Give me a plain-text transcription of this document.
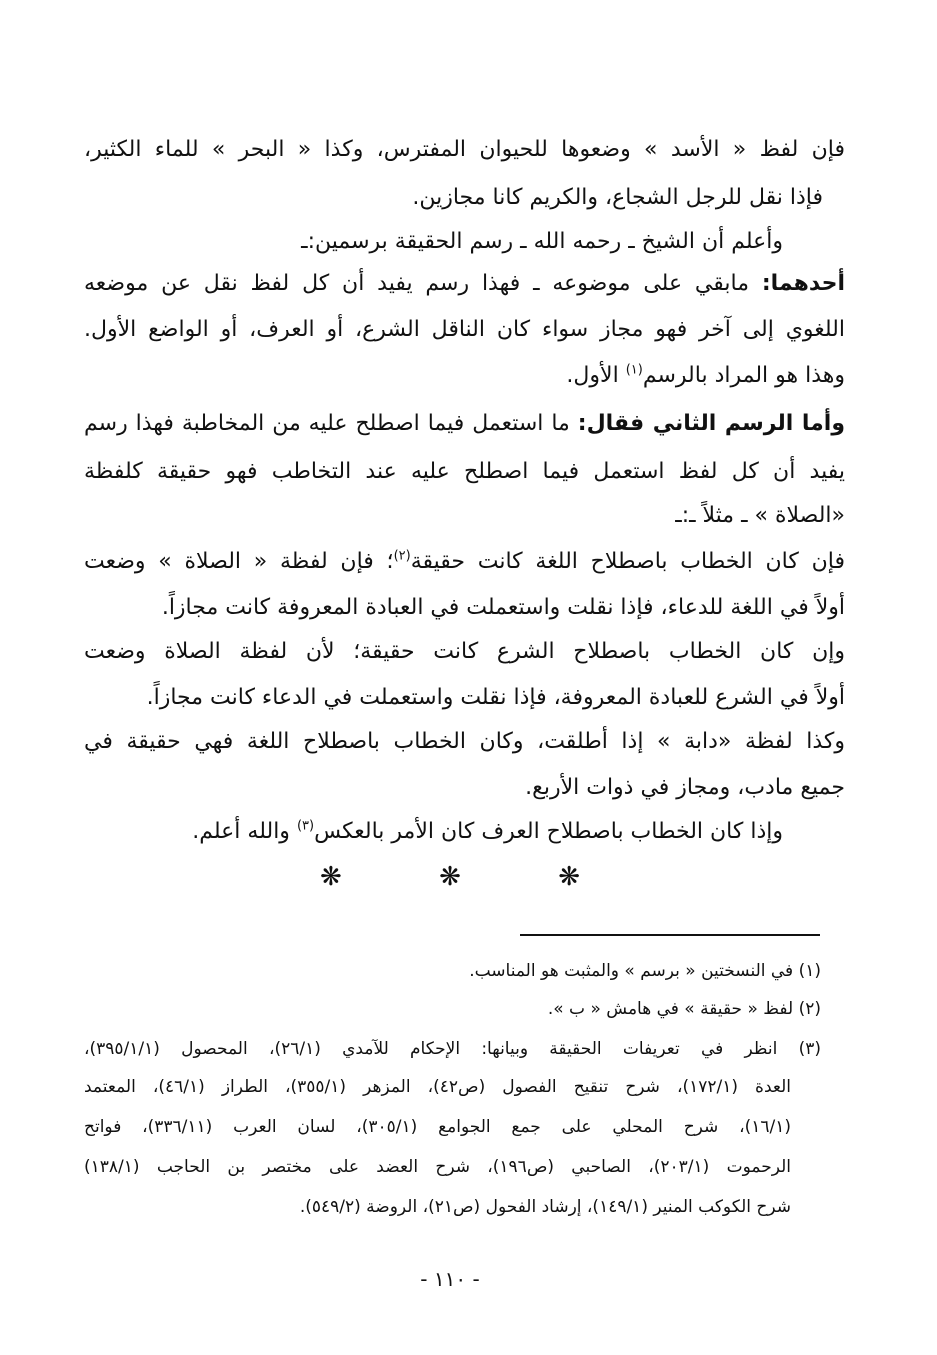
فإن لفظ « الأسد » وضعوها للحيوان المفترس، وكذا « البحر » للماء الكثير،
فإذا نقل للرجل الشجاع، والكريم كانا مجازين.
وأعلم أن الشيخ ـ رحمه الله ـ رسم الحقيقة برسمين:ـ
أحدهما: مابقي على موضوعه ـ فهذا رسم يفيد أن كل لفظ نقل عن موضعه
اللغوي إلى آخر فهو مجاز سواء كان الناقل الشرع، أو العرف، أو الواضع الأول.
وهذا هو المراد بالرسم$^{(١)}$ الأول.
وأما الرسم الثاني فقال: ما استعمل فيما اصطلح عليه من المخاطبة فهذا رسم
يفيد أن كل لفظ استعمل فيما اصطلح عليه عند التخاطب فهو حقيقة كلفظة
«الصلاة » ـ مثلاً ـ:ـ
فإن كان الخطاب باصطلاح اللغة كانت حقيقة$^{(٢)}$؛ فإن لفظة « الصلاة » وضعت
أولاً في اللغة للدعاء، فإذا نقلت واستعملت في العبادة المعروفة كانت مجازاً.
وإن كان الخطاب باصطلاح الشرع كانت حقيقة؛ لأن لفظة الصلاة وضعت
أولاً في الشرع للعبادة المعروفة، فإذا نقلت واستعملت في الدعاء كانت مجازاً.
وكذا لفظة «دابة » إذا أطلقت، وكان الخطاب باصطلاح اللغة فهي حقيقة في
جميع مادب، ومجاز في ذوات الأربع.
وإذا كان الخطاب باصطلاح العرف كان الأمر بالعكس$^{(٣)}$ والله أعلم.
❋	❋	❋
(١) في النسختين « برسم » والمثبت هو المناسب.
(٢) لفظ « حقيقة » في هامش « ب ».
(٣) انظر في تعريفات الحقيقة وبيانها: الإحكام للآمدي (٢٦/١)، المحصول (٣٩٥/١/١)،
العدة (١٧٢/١)، شرح تنقيح الفصول (ص٤٢)، المزهر (٣٥٥/١)، الطراز (٤٦/١)، المعتمد
(١٦/١)، شرح المحلي على جمع الجوامع (٣٠٥/١)، لسان العرب (٣٣٦/١١)، فواتح
الرحموت (٢٠٣/١)، الصاحبي (ص١٩٦)، شرح العضد على مختصر بن الحاجب (١٣٨/١)
شرح الكوكب المنير (١٤٩/١)، إرشاد الفحول (ص٢١)، الروضة (٥٤٩/٢).
- ١١٠ -
